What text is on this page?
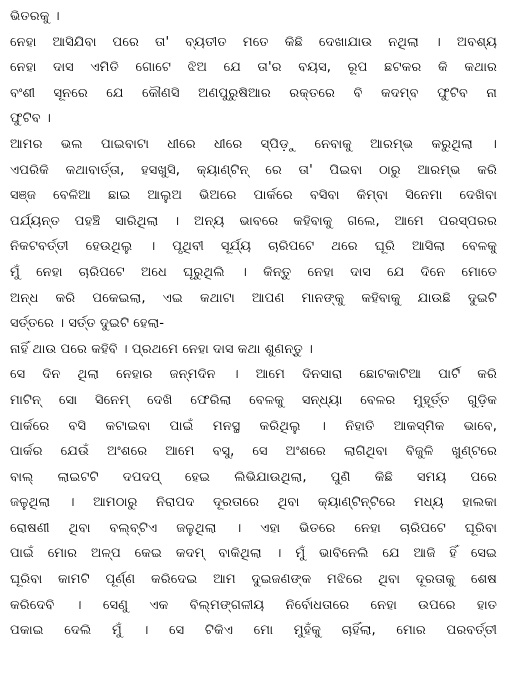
ଭିତରକୁ ।
ନେହା ଆସିଯିବା ପରେ ତା' ବ୍ୟତୀତ ମତେ କିଛି ଦେଖାଯାଉ ନଥିଲା । ଅବଶ୍ୟ
ନେହା ଦାସ ଏମିତି ଗୋଟେ ଝିଅ ଯେ ତା'ର ବୟସ, ରୂପ ଛଟକର କି କଥାର
ବଂଶୀ ସୂନରେ ଯେ କୌଣସି ଅଣପୁରୁଷିଆର ରକ୍ତରେ ବି କଦମ୍ବ ଫୁଟିବ ନା
ଫୁଟିବ ।
ଆମର ଭଲ ପାଇବାଟା ଧୀରେ ଧୀରେ ସ୍ପିଡ଼ୁ ନେବାକୁ ଆରମ୍ଭ କରୁଥିଲା ।
ଏପରିକି କଥାବାର୍ତ୍ତା, ହସଖୁସି, କ୍ୟାଣ୍ଟିନ୍ ରେ ତା' ପିଇବା ଠାରୁ ଆରମ୍ଭ କରି
ସଞ୍ଜ ବେଳିଆ ଛାଇ ଆଲୁଅ ଭିଅରେ ପାର୍କରେ ବସିବା କିମ୍ବା ସିନେମା ଦେଖିବା
ପର୍ଯ୍ୟନ୍ତ ପହଞ୍ଚି ସାରିଥିଲା । ଅନ୍ୟ ଭାବରେ କହିବାକୁ ଗଲେ, ଆମେ ପରସ୍ପରର
ନିକଟବର୍ତ୍ତୀ ହେଉଥିଲୁ । ପୃଥିବୀ ସୂର୍ଯ୍ୟ ଚାରିପଟେ ଥରେ ଘୂରି ଆସିଲା ବେଳକୁ
ମୁଁ ନେହା ଚାରିପଟେ ଅଧେ ଘୂରୁଥିଲି । କିନ୍ତୁ ନେହା ଦାସ ଯେ ଦିନେ ମୋତେ
ଅନ୍ଧ କରି ପକେଇଲା, ଏଇ କଥାଟା ଆପଣ ମାନଙ୍କୁ କହିବାକୁ ଯାଉଛି ଦୁଇଟି
ସର୍ତ୍ତରେ । ସର୍ତ୍ତ ଦୁଇଟି ହେଲା-
ନାହିଁ ଥାଉ ପରେ କହିବି । ପ୍ରଥମେ ନେହା ଦାସ କଥା ଶୁଣନ୍ତୁ ।
ସେ ଦିନ ଥିଲା ନେହାର ଜନ୍ମଦିନ । ଆମେ ଦିନସାରା ଛୋଟକାଟିଆ ପାର୍ଟି କରି
ମାଟିନ୍ ସୋ ସିନେମ୍ ଦେଖି ଫେରିଲା ବେଳକୁ ସନ୍ଧ୍ୟା ବେଳର ମୁହୂର୍ତ୍ତ ଗୁଡ଼ିକ
ପାର୍କରେ ବସି କଟାଇବା ପାଇଁ ମନସ୍ଥ କରିଥିଲୁ । ନିହାତି ଆକସ୍ମିକ ଭାବେ,
ପାର୍କର ଯେଉଁ ଅଂଶରେ ଆମେ ବସୁ, ସେ ଅଂଶରେ ଲାଗିଥିବା ବିଜୁଳି ଖୁଣ୍ଟରେ
ବାଲ୍ ଲାଇଟଟି ଦପଦପ୍ ହେଇ ଲିଭିଯାଉଥିଲା, ପୁଣି କିଛି ସମୟ ପରେ
ଜଳୁଥିଲା । ଆମଠାରୁ ନିରାପଦ ଦୂରତାରେ ଥିବା କ୍ୟାଣ୍ଟିନ୍‌ଟିରେ ମଧ୍ୟ ହାଲକା
ରୋଷଣୀ ଥିବା ବଲ୍‌ବ୍‌ଟିଏ ଜଳୁଥିଲା । ଏହା ଭିତରେ ନେହା ଚାରିପଟେ ଘୂରିବା
ପାଇଁ ମୋର ଅଳ୍ପ କେଇ କଦମ୍ ବାକିଥିଲା । ମୁଁ ଭାବିନେଲି ଯେ ଆଜି ହିଁ ସେଇ
ଘୂରିବା କାମଟି ପୂର୍ଣ୍ଣ କରିଦେଇ ଆମ ଦୁଇଜଣଙ୍କ ମଝିରେ ଥିବା ଦୂରତାକୁ ଶେଷ
କରିଦେବି । ସେଣୁ ଏକ ବିଲ୍ମଙ୍ଗଳୀୟ ନିର୍ବୋଧତାରେ ନେହା ଉପରେ ହାତ
ପକାଇ ଦେଲି ମୁଁ । ସେ ଟିକିଏ ମୋ ମୁହଁକୁ ଚାହିଁଲା, ମୋର ପରବର୍ତ୍ତୀ
